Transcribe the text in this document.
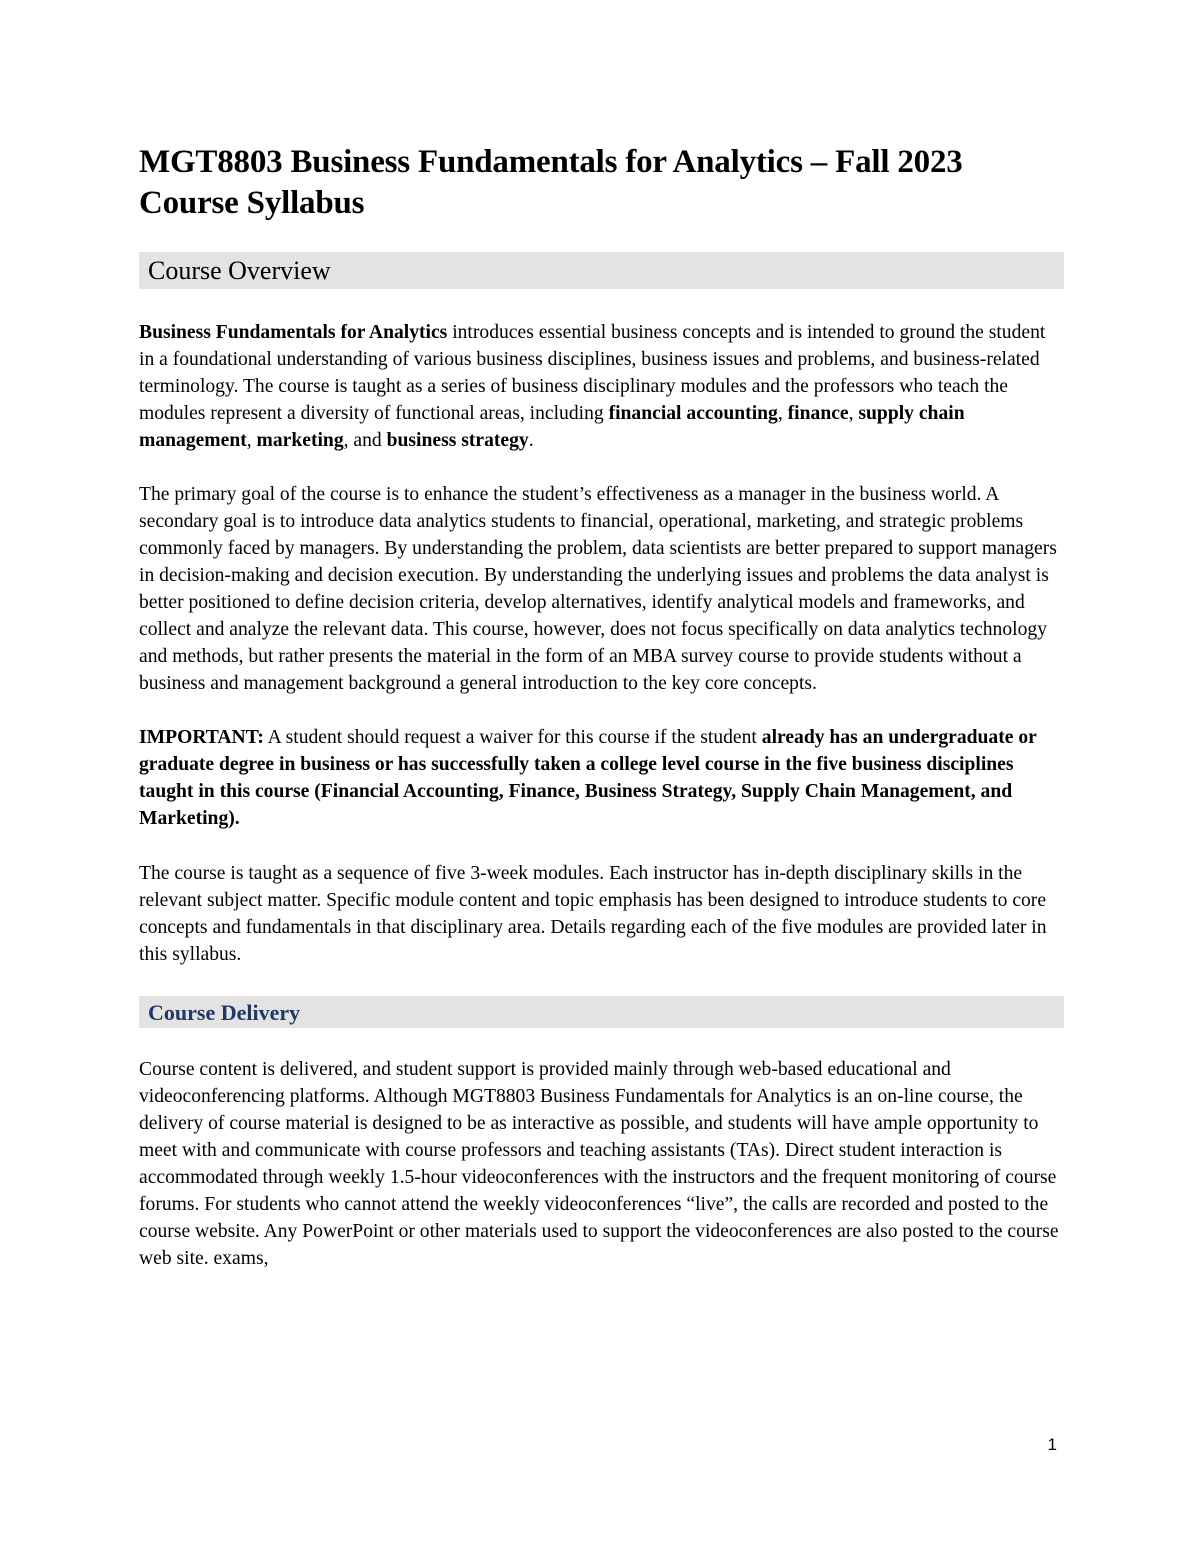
MGT8803 Business Fundamentals for Analytics – Fall 2023
Course Syllabus
Course Overview

Business Fundamentals for Analytics introduces essential business concepts and is intended to ground the student in a foundational understanding of various business disciplines, business issues and problems, and business-related terminology. The course is taught as a series of business disciplinary modules and the professors who teach the modules represent a diversity of functional areas, including financial accounting, finance, supply chain management, marketing, and business strategy.

The primary goal of the course is to enhance the student’s effectiveness as a manager in the business world. A secondary goal is to introduce data analytics students to financial, operational, marketing, and strategic problems commonly faced by managers. By understanding the problem, data scientists are better prepared to support managers in decision-making and decision execution. By understanding the underlying issues and problems the data analyst is better positioned to define decision criteria, develop alternatives, identify analytical models and frameworks, and collect and analyze the relevant data. This course, however, does not focus specifically on data analytics technology and methods, but rather presents the material in the form of an MBA survey course to provide students without a business and management background a general introduction to the key core concepts.

IMPORTANT: A student should request a waiver for this course if the student already has an undergraduate or graduate degree in business or has successfully taken a college level course in the five business disciplines taught in this course (Financial Accounting, Finance, Business Strategy, Supply Chain Management, and Marketing).

The course is taught as a sequence of five 3-week modules. Each instructor has in-depth disciplinary skills in the relevant subject matter. Specific module content and topic emphasis has been designed to introduce students to core concepts and fundamentals in that disciplinary area. Details regarding each of the five modules are provided later in this syllabus.

Course Delivery

Course content is delivered, and student support is provided mainly through web-based educational and videoconferencing platforms. Although MGT8803 Business Fundamentals for Analytics is an on-line course, the delivery of course material is designed to be as interactive as possible, and students will have ample opportunity to meet with and communicate with course professors and teaching assistants (TAs). Direct student interaction is accommodated through weekly 1.5-hour videoconferences with the instructors and the frequent monitoring of course forums. For students who cannot attend the weekly videoconferences “live”, the calls are recorded and posted to the course website. Any PowerPoint or other materials used to support the videoconferences are also posted to the course web site. exams,

1
